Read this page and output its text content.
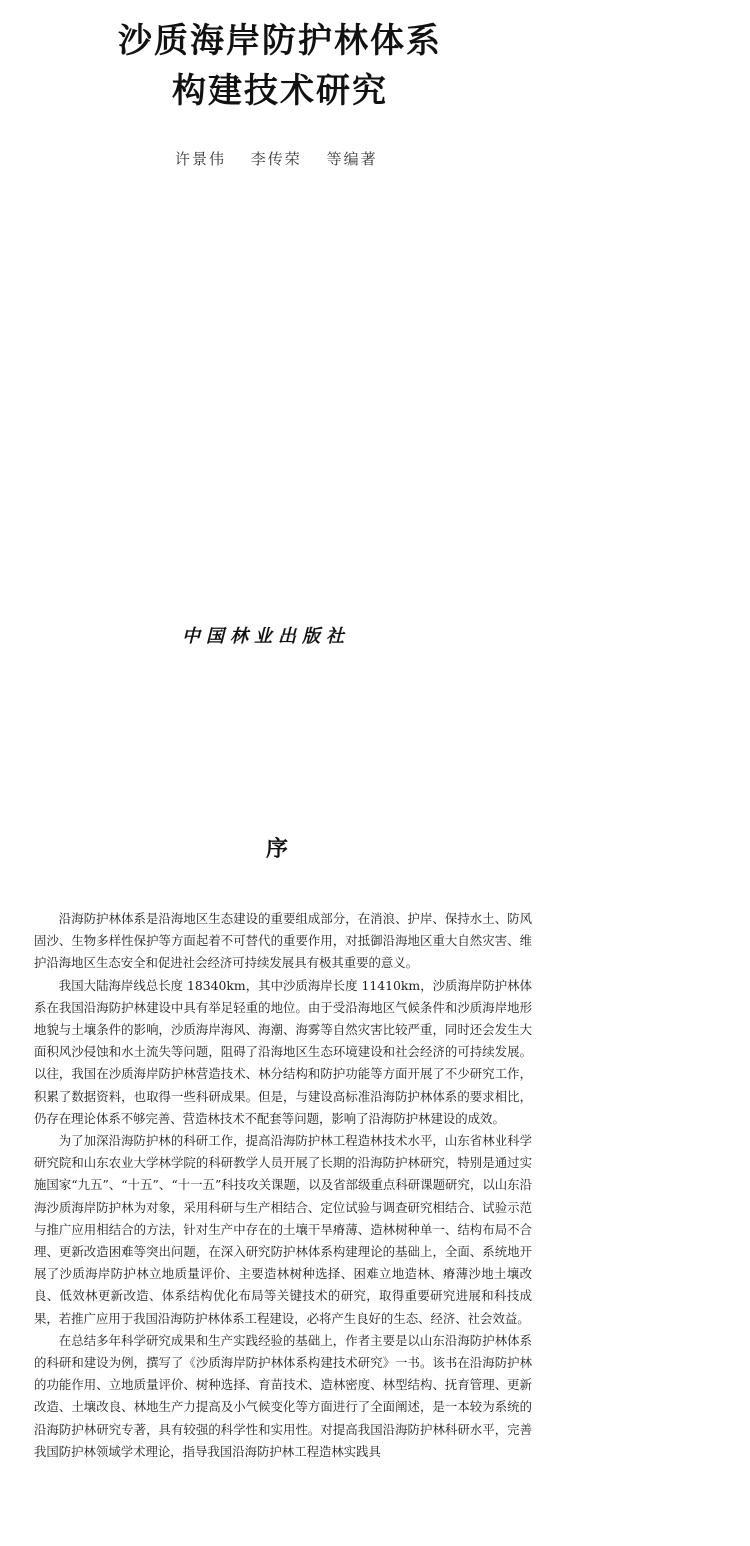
沙质海岸防护林体系
构建技术研究
许景伟 李传荣 等编著
中国林业出版社
序

沿海防护林体系是沿海地区生态建设的重要组成部分，在消浪、护岸、保持水土、防风固沙、生物多样性保护等方面起着不可替代的重要作用，对抵御沿海地区重大自然灾害、维护沿海地区生态安全和促进社会经济可持续发展具有极其重要的意义。

我国大陆海岸线总长度 18340km，其中沙质海岸长度 11410km，沙质海岸防护林体系在我国沿海防护林建设中具有举足轻重的地位。由于受沿海地区气候条件和沙质海岸地形地貌与土壤条件的影响，沙质海岸海风、海潮、海雾等自然灾害比较严重，同时还会发生大面积风沙侵蚀和水土流失等问题，阻碍了沿海地区生态环境建设和社会经济的可持续发展。以往，我国在沙质海岸防护林营造技术、林分结构和防护功能等方面开展了不少研究工作，积累了数据资料，也取得一些科研成果。但是，与建设高标准沿海防护林体系的要求相比，仍存在理论体系不够完善、营造林技术不配套等问题，影响了沿海防护林建设的成效。

为了加深沿海防护林的科研工作，提高沿海防护林工程造林技术水平，山东省林业科学研究院和山东农业大学林学院的科研教学人员开展了长期的沿海防护林研究，特别是通过实施国家“九五”、“十五”、“十一五”科技攻关课题，以及省部级重点科研课题研究，以山东沿海沙质海岸防护林为对象，采用科研与生产相结合、定位试验与调查研究相结合、试验示范与推广应用相结合的方法，针对生产中存在的土壤干旱瘠薄、造林树种单一、结构布局不合理、更新改造困难等突出问题，在深入研究防护林体系构建理论的基础上，全面、系统地开展了沙质海岸防护林立地质量评价、主要造林树种选择、困难立地造林、瘠薄沙地土壤改良、低效林更新改造、体系结构优化布局等关键技术的研究，取得重要研究进展和科技成果，若推广应用于我国沿海防护林体系工程建设，必将产生良好的生态、经济、社会效益。

在总结多年科学研究成果和生产实践经验的基础上，作者主要是以山东沿海防护林体系的科研和建设为例，撰写了《沙质海岸防护林体系构建技术研究》一书。该书在沿海防护林的功能作用、立地质量评价、树种选择、育苗技术、造林密度、林型结构、抚育管理、更新改造、土壤改良、林地生产力提高及小气候变化等方面进行了全面阐述，是一本较为系统的沿海防护林研究专著，具有较强的科学性和实用性。对提高我国沿海防护林科研水平，完善我国防护林领域学术理论，指导我国沿海防护林工程造林实践具
